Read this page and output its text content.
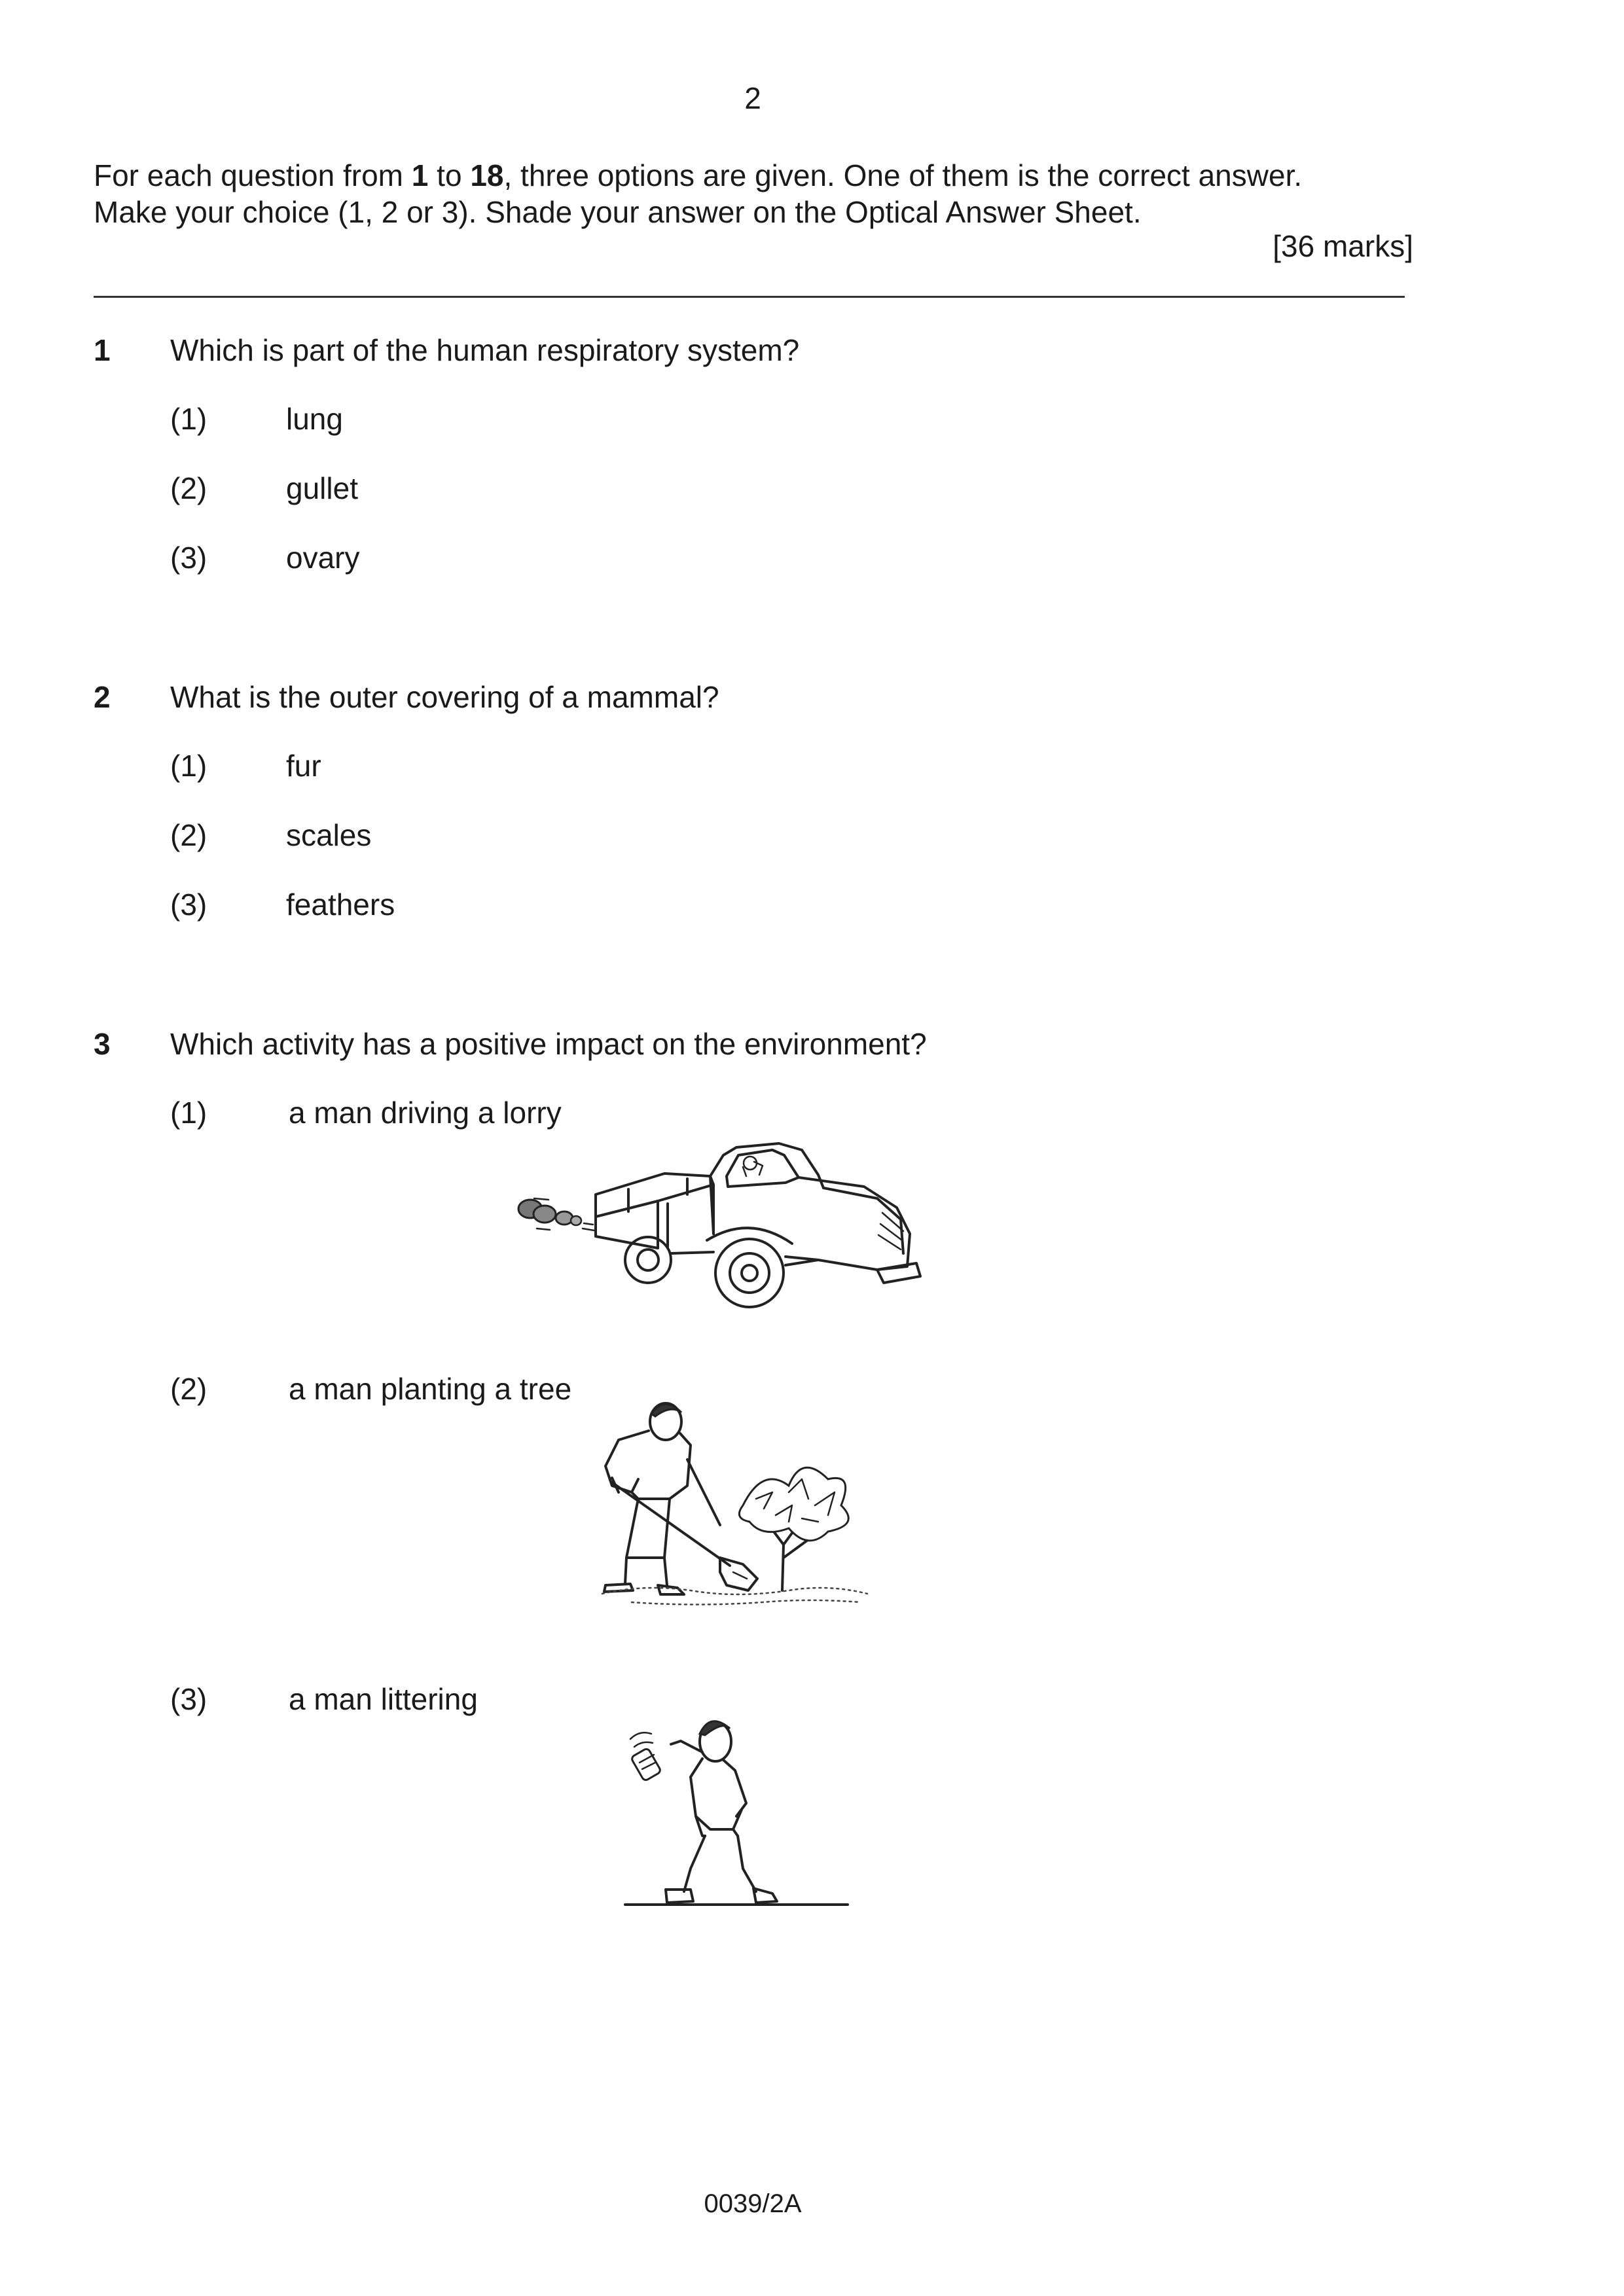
2

For each question from 1 to 18, three options are given. One of them is the correct answer.

Make your choice (1, 2 or 3). Shade your answer on the Optical Answer Sheet.

[36 marks]
1 Which is part of the human respiratory system?
(1)	lung
(2)	gullet
(3)	ovary
2 What is the outer covering of a mammal?
(1)	fur
(2)	scales
(3)	feathers
3 Which activity has a positive impact on the environment?
(1)	a man driving a lorry
(2)	a man planting a tree
(3)	a man littering
0039/2A
